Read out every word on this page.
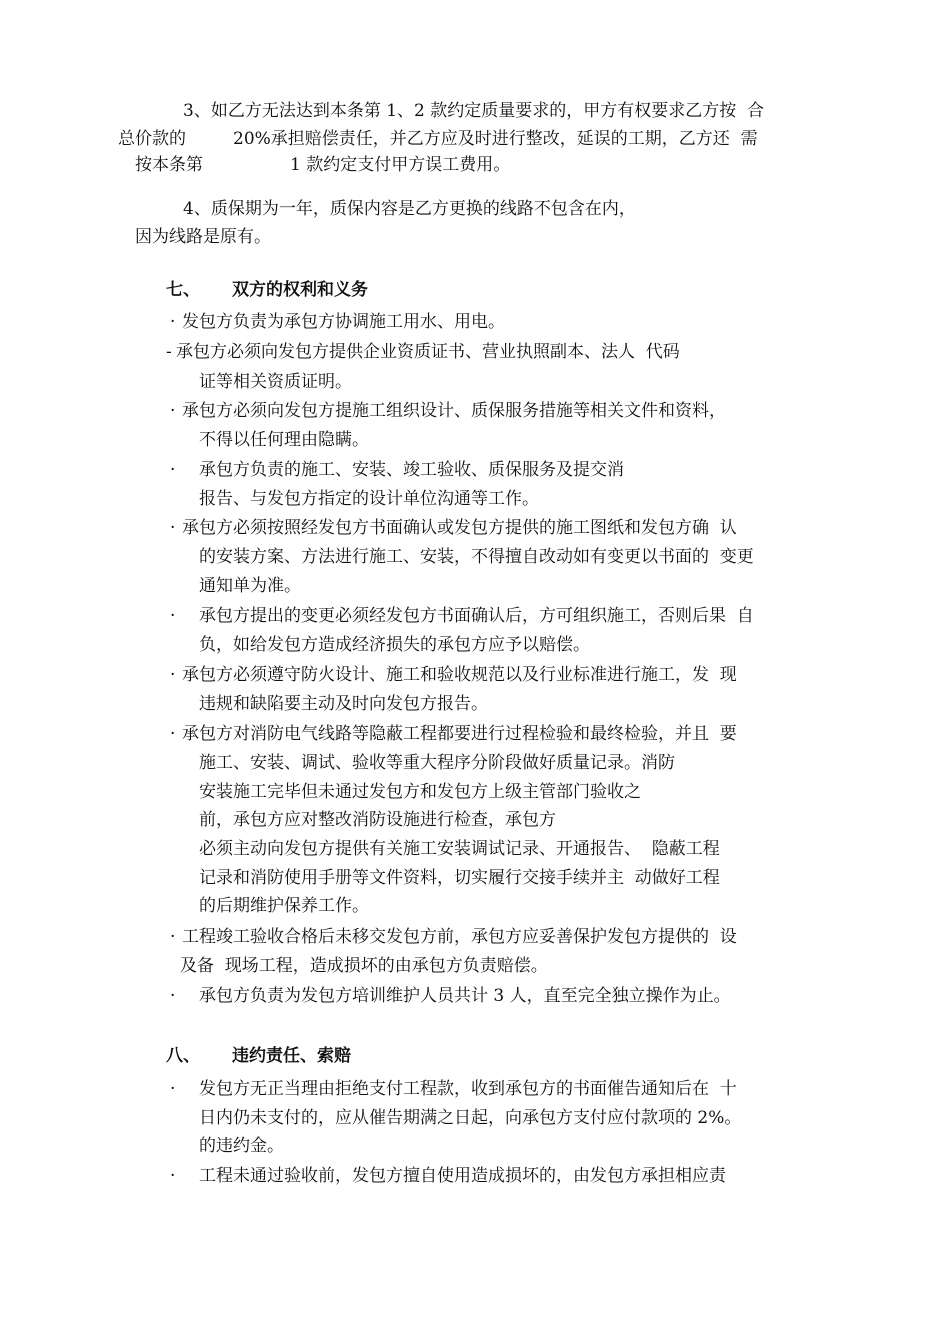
3、如乙方无法达到本条第 1、2 款约定质量要求的，甲方有权要求乙方按  合
总价款的	20%承担赔偿责任，并乙方应及时进行整改，延误的工期，乙方还  需
按本条第	1 款约定支付甲方误工费用。
4、质保期为一年，质保内容是乙方更换的线路不包含在内，
因为线路是原有。
七、 双方的权利和义务
· 发包方负责为承包方协调施工用水、用电。
- 承包方必须向发包方提供企业资质证书、营业执照副本、法人  代码
证等相关资质证明。
· 承包方必须向发包方提施工组织设计、质保服务措施等相关文件和资料，
不得以任何理由隐瞒。
· 承包方负责的施工、安装、竣工验收、质保服务及提交消
报告、与发包方指定的设计单位沟通等工作。
· 承包方必须按照经发包方书面确认或发包方提供的施工图纸和发包方确  认
的安装方案、方法进行施工、安装，不得擅自改动如有变更以书面的  变更
通知单为准。
· 承包方提出的变更必须经发包方书面确认后，方可组织施工，否则后果  自
负，如给发包方造成经济损失的承包方应予以赔偿。
· 承包方必须遵守防火设计、施工和验收规范以及行业标准进行施工，发  现
违规和缺陷要主动及时向发包方报告。
· 承包方对消防电气线路等隐蔽工程都要进行过程检验和最终检验，并且  要
施工、安装、调试、验收等重大程序分阶段做好质量记录。消防
安装施工完毕但未通过发包方和发包方上级主管部门验收之
前，承包方应对整改消防设施进行检查，承包方
必须主动向发包方提供有关施工安装调试记录、开通报告、  隐蔽工程
记录和消防使用手册等文件资料，切实履行交接手续并主  动做好工程
的后期维护保养工作。
· 工程竣工验收合格后未移交发包方前，承包方应妥善保护发包方提供的  设
及备  现场工程，造成损坏的由承包方负责赔偿。
· 承包方负责为发包方培训维护人员共计 3 人，直至完全独立操作为止。
八、 违约责任、索赔
· 发包方无正当理由拒绝支付工程款，收到承包方的书面催告通知后在  十
日内仍未支付的，应从催告期满之日起，向承包方支付应付款项的 2%。
的违约金。
· 工程未通过验收前，发包方擅自使用造成损坏的，由发包方承担相应责
